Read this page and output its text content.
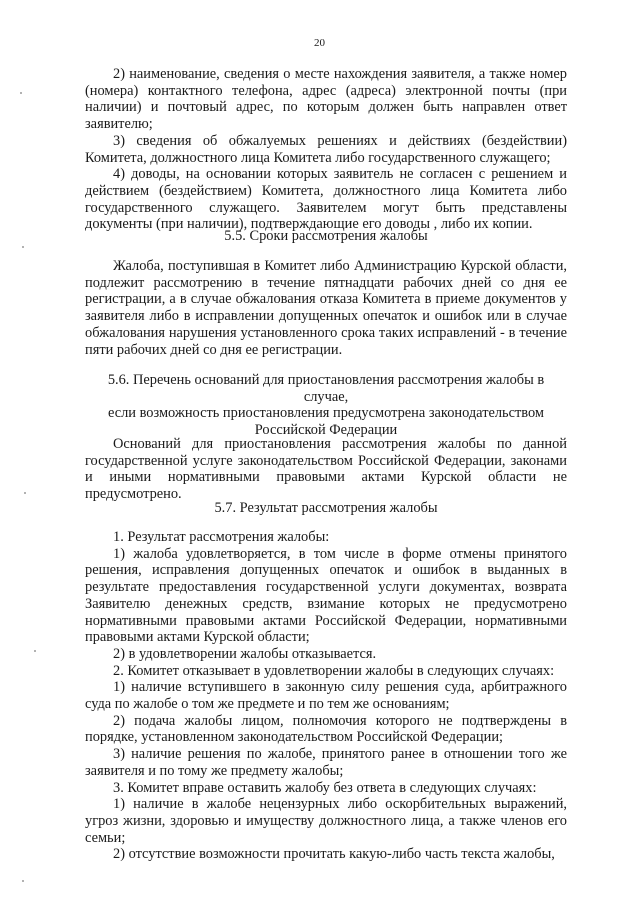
20

2) наименование, сведения о месте нахождения заявителя, а также номер (номера) контактного телефона, адрес (адреса) электронной почты (при наличии) и почтовый адрес, по которым должен быть направлен ответ заявителю;

3) сведения об обжалуемых решениях и действиях (бездействии) Комитета, должностного лица Комитета либо государственного служащего;

4) доводы, на основании которых заявитель не согласен с решением и действием (бездействием) Комитета, должностного лица Комитета либо государственного служащего. Заявителем могут быть представлены документы (при наличии), подтверждающие его доводы , либо их копии.

5.5. Сроки рассмотрения жалобы

Жалоба, поступившая в Комитет либо Администрацию Курской области, подлежит рассмотрению в течение пятнадцати рабочих дней со дня ее регистрации, а в случае обжалования отказа Комитета в приеме документов у заявителя либо в исправлении допущенных опечаток и ошибок или в случае обжалования нарушения установленного срока таких исправлений - в течение пяти рабочих дней со дня ее регистрации.

5.6. Перечень оснований для приостановления рассмотрения жалобы в случае,
если возможность приостановления предусмотрена законодательством
Российской Федерации

Оснований для приостановления рассмотрения жалобы по данной государственной услуге законодательством Российской Федерации, законами и иными нормативными правовыми актами Курской области не предусмотрено.

5.7. Результат рассмотрения жалобы

1. Результат рассмотрения жалобы:

1) жалоба удовлетворяется, в том числе в форме отмены принятого решения, исправления допущенных опечаток и ошибок в выданных в результате предоставления государственной услуги документах, возврата Заявителю денежных средств, взимание которых не предусмотрено нормативными правовыми актами Российской Федерации, нормативными правовыми актами Курской области;

2) в удовлетворении жалобы отказывается.

2. Комитет отказывает в удовлетворении жалобы в следующих случаях:

1) наличие вступившего в законную силу решения суда, арбитражного суда по жалобе о том же предмете и по тем же основаниям;

2) подача жалобы лицом, полномочия которого не подтверждены в порядке, установленном законодательством Российской Федерации;

3) наличие решения по жалобе, принятого ранее в отношении того же заявителя и по тому же предмету жалобы;

3. Комитет вправе оставить жалобу без ответа в следующих случаях:

1) наличие в жалобе нецензурных либо оскорбительных выражений, угроз жизни, здоровью и имуществу должностного лица, а также членов его семьи;

2) отсутствие возможности прочитать какую-либо часть текста жалобы,
